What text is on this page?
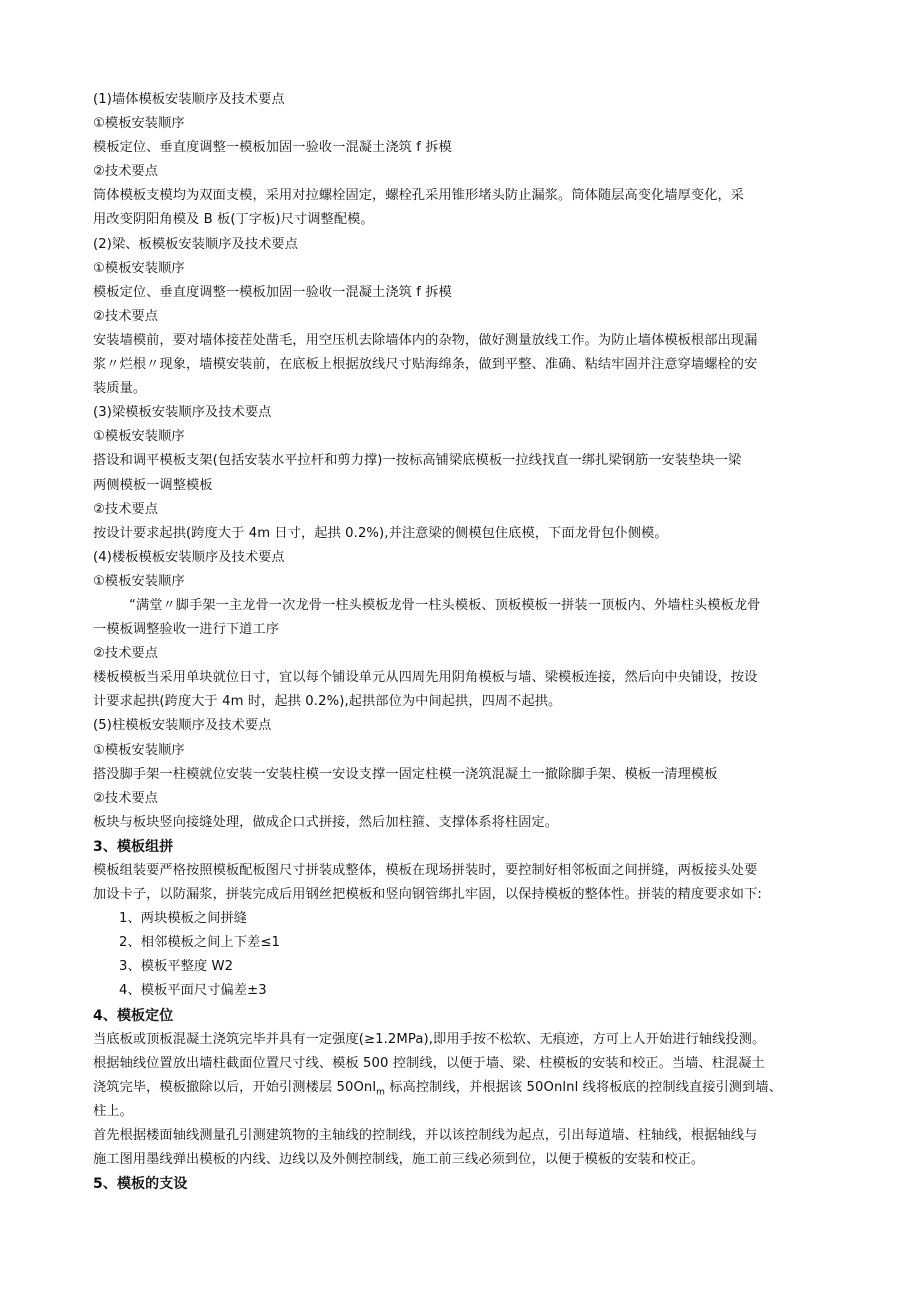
(1)墙体模板安装顺序及技术要点
①模板安装顺序
模板定位、垂直度调整一模板加固一验收一混凝土浇筑 f 拆模
②技术要点
筒体模板支模均为双面支模，采用对拉螺栓固定，螺栓孔采用锥形堵头防止漏浆。筒体随层高变化墙厚变化，采
用改变阴阳角模及 B 板(丁字板)尺寸调整配模。
(2)梁、板模板安装顺序及技术要点
①模板安装顺序
模板定位、垂直度调整一模板加固一验收一混凝土浇筑 f 拆模
②技术要点
安装墙模前，要对墙体接茬处凿毛，用空压机去除墙体内的杂物，做好测量放线工作。为防止墙体模板根部出现漏
浆〃烂根〃现象，墙模安装前，在底板上根据放线尺寸贴海绵条，做到平整、准确、粘结牢固并注意穿墙螺栓的安
装质量。
(3)梁模板安装顺序及技术要点
①模板安装顺序
搭设和调平模板支架(包括安装水平拉杆和剪力撑)一按标高铺梁底模板一拉线找直一绑扎梁钢筋一安装垫块一梁
两侧模板一调整模板
②技术要点
按设计要求起拱(跨度大于 4m 日寸，起拱 0.2%),并注意梁的侧模包住底模，下面龙骨包仆侧模。
(4)楼板模板安装顺序及技术要点
①模板安装顺序
“满堂〃脚手架一主龙骨一次龙骨一柱头模板龙骨一柱头模板、顶板模板一拼装一顶板内、外墙柱头模板龙骨
一模板调整验收一进行下道工序
②技术要点
楼板模板当采用单块就位日寸，宜以每个铺设单元从四周先用阴角模板与墙、梁模板连接，然后向中央铺设，按设
计要求起拱(跨度大于 4m 时，起拱 0.2%),起拱部位为中间起拱，四周不起拱。
(5)柱模板安装顺序及技术要点
①模板安装顺序
搭没脚手架一柱模就位安装一安装柱模一安设支撑一固定柱模一浇筑混凝土一撤除脚手架、模板一清理模板
②技术要点
板块与板块竖向接缝处理，做成企口式拼接，然后加柱箍、支撑体系将柱固定。
3、模板组拼
模板组装要严格按照模板配板图尺寸拼装成整体，模板在现场拼装时，要控制好相邻板面之间拼缝，两板接头处要
加设卡子，以防漏浆，拼装完成后用钢丝把模板和竖向钢管绑扎牢固，以保持模板的整体性。拼装的精度要求如下:
1、两块模板之间拼缝
2、相邻模板之间上下差≤1
3、模板平整度 W2
4、模板平面尺寸偏差±3
4、模板定位
当底板或顶板混凝土浇筑完毕并具有一定强度(≥1.2MPa),即用手按不松软、无痕迹，方可上人开始进行轴线投测。
根据轴线位置放出墙柱截面位置尺寸线、模板 500 控制线，以便于墙、梁、柱模板的安装和校正。当墙、柱混凝土
浇筑完毕，模板撤除以后，开始引测楼层 50Onl$_m$ 标高控制线，并根据该 50Onlnl 线将板底的控制线直接引测到墙、
柱上。
首先根据楼面轴线测量孔引测建筑物的主轴线的控制线，并以该控制线为起点，引出每道墙、柱轴线，根据轴线与
施工图用墨线弹出模板的内线、边线以及外侧控制线，施工前三线必须到位，以便于模板的安装和校正。
5、模板的支设
